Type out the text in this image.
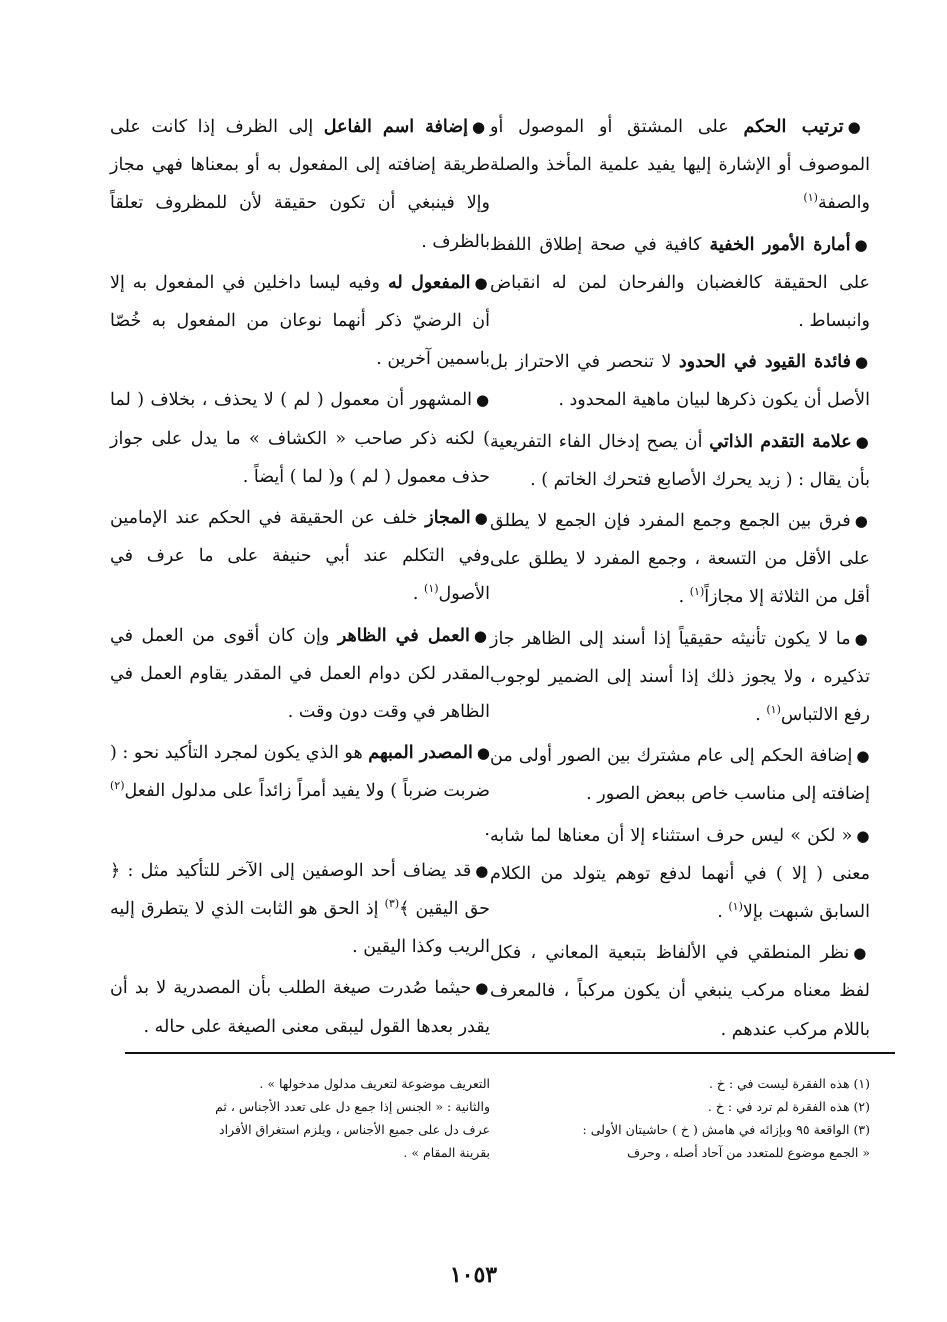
●ترتيب الحكم على المشتق أو الموصول أو الموصوف أو الإشارة إليها يفيد علمية المأخذ والصلة والصفة$^{(١)}$

●أمارة الأمور الخفية كافية في صحة إطلاق اللفظ على الحقيقة كالغضبان والفرحان لمن له انقباض وانبساط .

●فائدة القيود في الحدود لا تنحصر في الاحتراز بل الأصل أن يكون ذكرها لبيان ماهية المحدود .

●علامة التقدم الذاتي أن يصح إدخال الفاء التفريعية بأن يقال : ( زيد يحرك الأصابع فتحرك الخاتم ) .

●فرق بين الجمع وجمع المفرد فإن الجمع لا يطلق على الأقل من التسعة ، وجمع المفرد لا يطلق على أقل من الثلاثة إلا مجازاً$^{(١)}$ .

●ما لا يكون تأنيثه حقيقياً إذا أسند إلى الظاهر جاز تذكيره ، ولا يجوز ذلك إذا أسند إلى الضمير لوجوب رفع الالتباس$^{(١)}$ .

●إضافة الحكم إلى عام مشترك بين الصور أولى من إضافته إلى مناسب خاص ببعض الصور .

●« لكن » ليس حرف استثناء إلا أن معناها لما شابه معنى ( إلا ) في أنهما لدفع توهم يتولد من الكلام السابق شبهت بإلا$^{(١)}$ .

●نظر المنطقي في الألفاظ بتبعية المعاني ، فكل لفظ معناه مركب ينبغي أن يكون مركباً ، فالمعرف باللام مركب عندهم .

●إضافة اسم الفاعل إلى الظرف إذا كانت على طريقة إضافته إلى المفعول به أو بمعناها فهي مجاز وإلا فينبغي أن تكون حقيقة لأن للمظروف تعلقاً بالظرف .

●المفعول له وفيه ليسا داخلين في المفعول به إلا أن الرضيّ ذكر أنهما نوعان من المفعول به خُصّا باسمين آخرين .

●المشهور أن معمول ( لم ) لا يحذف ، بخلاف ( لما ) لكنه ذكر صاحب « الكشاف » ما يدل على جواز حذف معمول ( لم ) و( لما ) أيضاً .

●المجاز خلف عن الحقيقة في الحكم عند الإمامين وفي التكلم عند أبي حنيفة على ما عرف في الأصول$^{(١)}$ .

●العمل في الظاهر وإن كان أقوى من العمل في المقدر لكن دوام العمل في المقدر يقاوم العمل في الظاهر في وقت دون وقت .

●المصدر المبهم هو الذي يكون لمجرد التأكيد نحو : ( ضربت ضرباً ) ولا يفيد أمراً زائداً على مدلول الفعل$^{(٢)}$ .

●قد يضاف أحد الوصفين إلى الآخر للتأكيد مثل : ﴿ حق اليقين ﴾$^{(٣)}$ إذ الحق هو الثابت الذي لا يتطرق إليه الريب وكذا اليقين .

●حيثما صُدرت صيغة الطلب بأن المصدرية لا بد أن يقدر بعدها القول ليبقى معنى الصيغة على حاله .

(١) هذه الفقرة ليست في : خ .

(٢) هذه الفقرة لم ترد في : خ .

(٣) الواقعة ٩٥ وبإزائه في هامش ( خ ) حاشيتان الأولى :

« الجمع موضوع للمتعدد من آحاد أصله ، وحرف

التعريف موضوعة لتعريف مدلول مدخولها » .

والثانية : « الجنس إذا جمع دل على تعدد الأجناس ، ثم

عرف دل على جميع الأجناس ، ويلزم استغراق الأفراد

بقرينة المقام » .

١٠٥٣
